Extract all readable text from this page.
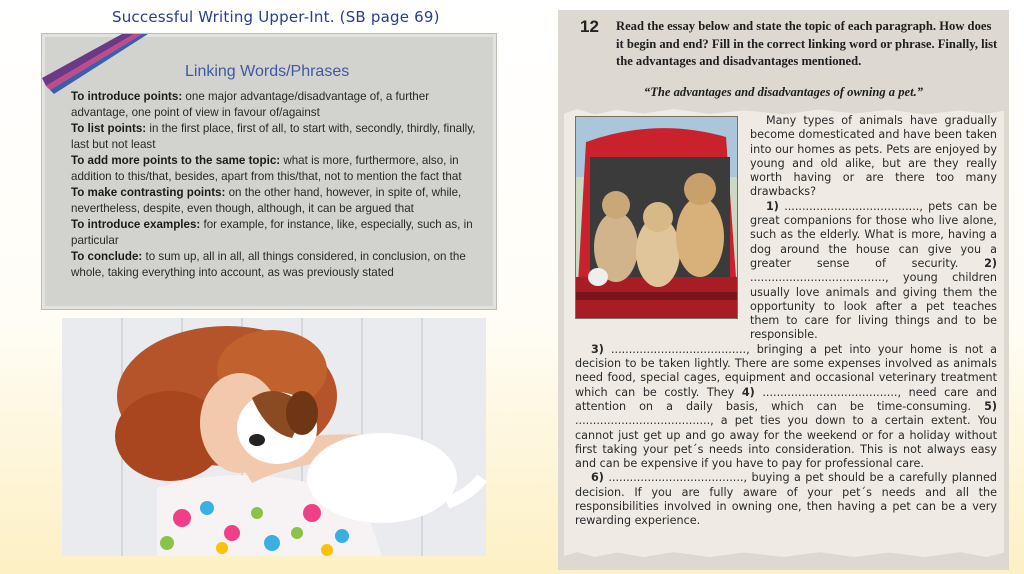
Successful Writing Upper-Int. (SB page 69)
Linking Words/Phrases
To introduce points: one major advantage/disadvantage of, a further advantage, one point of view in favour of/against
To list points: in the first place, first of all, to start with, secondly, thirdly, finally, last but not least
To add more points to the same topic: what is more, furthermore, also, in addition to this/that, besides, apart from this/that, not to mention the fact that
To make contrasting points: on the other hand, however, in spite of, while, nevertheless, despite, even though, although, it can be argued that
To introduce examples: for example, for instance, like, especially, such as, in particular
To conclude: to sum up, all in all, all things considered, in conclusion, on the whole, taking everything into account, as was previously stated
12 Read the essay below and state the topic of each paragraph. How does it begin and end? Fill in the correct linking word or phrase. Finally, list the advantages and disadvantages mentioned.
“The advantages and disadvantages of owning a pet.”

Many types of animals have gradually become domesticated and have been taken into our homes as pets. Pets are enjoyed by young and old alike, but are they really worth having or are there too many drawbacks?

1) ......................................, pets can be great companions for those who live alone, such as the elderly. What is more, having a dog around the house can give you a greater sense of security. 2) ......................................, young children usually love animals and giving them the opportunity to look after a pet teaches them to care for living things and to be responsible.

3) ......................................, bringing a pet into your home is not a decision to be taken lightly. There are some expenses involved as animals need food, special cages, equipment and occasional veterinary treatment which can be costly. They 4) ......................................, need care and attention on a daily basis, which can be time-consuming. 5) ......................................, a pet ties you down to a certain extent. You cannot just get up and go away for the weekend or for a holiday without first taking your pet´s needs into consideration. This is not always easy and can be expensive if you have to pay for professional care.

6) ......................................, buying a pet should be a carefully planned decision. If you are fully aware of your pet´s needs and all the responsibilities involved in owning one, then having a pet can be a very rewarding experience.
